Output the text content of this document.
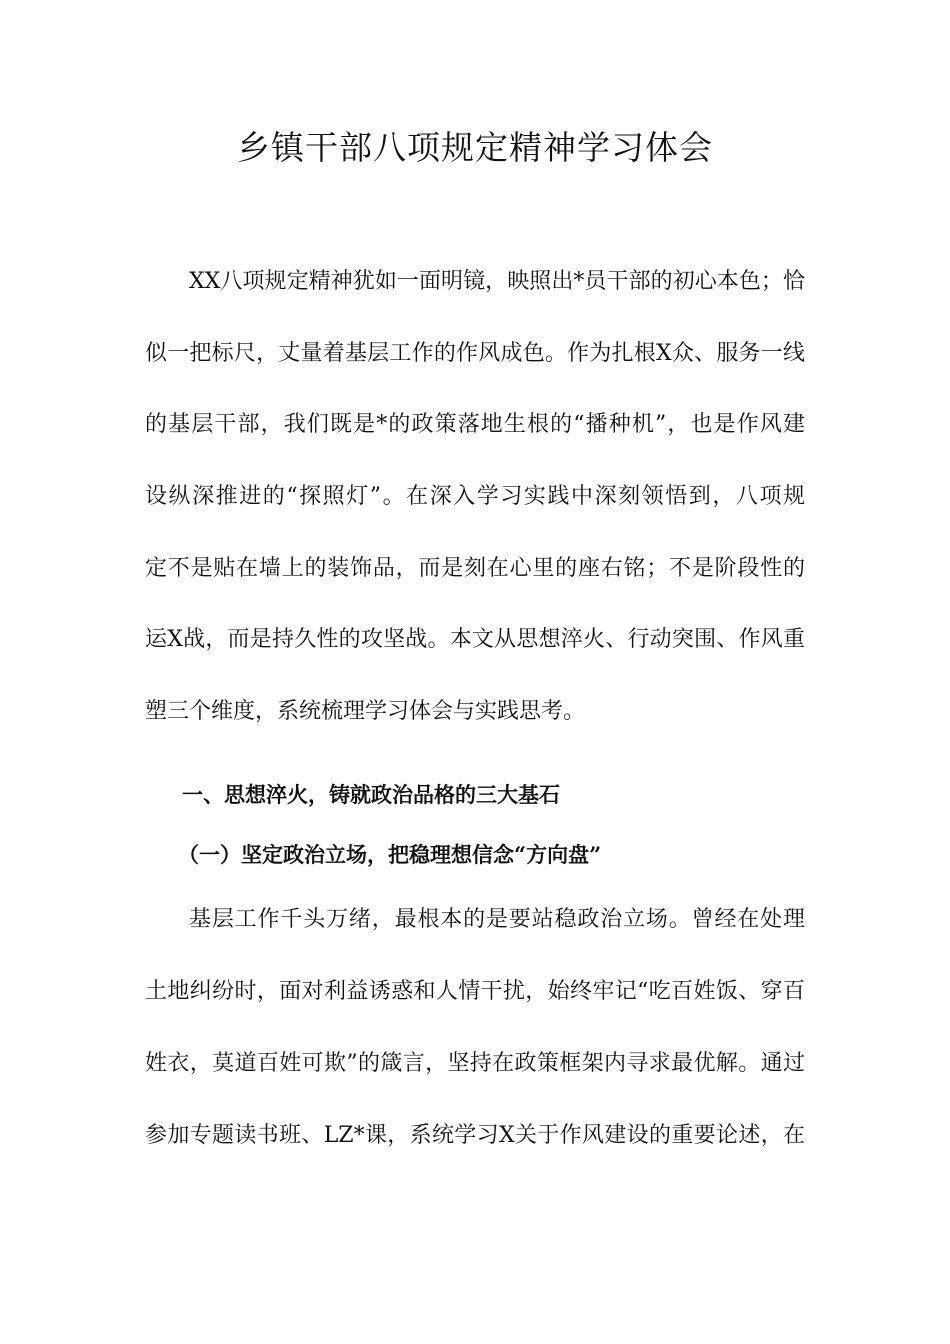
乡镇干部八项规定精神学习体会
XX八项规定精神犹如一面明镜，映照出*员干部的初心本色；恰
似一把标尺，丈量着基层工作的作风成色。作为扎根X众、服务一线
的基层干部，我们既是*的政策落地生根的“播种机”，也是作风建
设纵深推进的“探照灯”。在深入学习实践中深刻领悟到，八项规
定不是贴在墙上的装饰品，而是刻在心里的座右铭；不是阶段性的
运X战，而是持久性的攻坚战。本文从思想淬火、行动突围、作风重
塑三个维度，系统梳理学习体会与实践思考。
一、思想淬火，铸就政治品格的三大基石
（一）坚定政治立场，把稳理想信念“方向盘”
基层工作千头万绪，最根本的是要站稳政治立场。曾经在处理
土地纠纷时，面对利益诱惑和人情干扰，始终牢记“吃百姓饭、穿百
姓衣，莫道百姓可欺”的箴言，坚持在政策框架内寻求最优解。通过
参加专题读书班、LZ*课，系统学习X关于作风建设的重要论述，在
